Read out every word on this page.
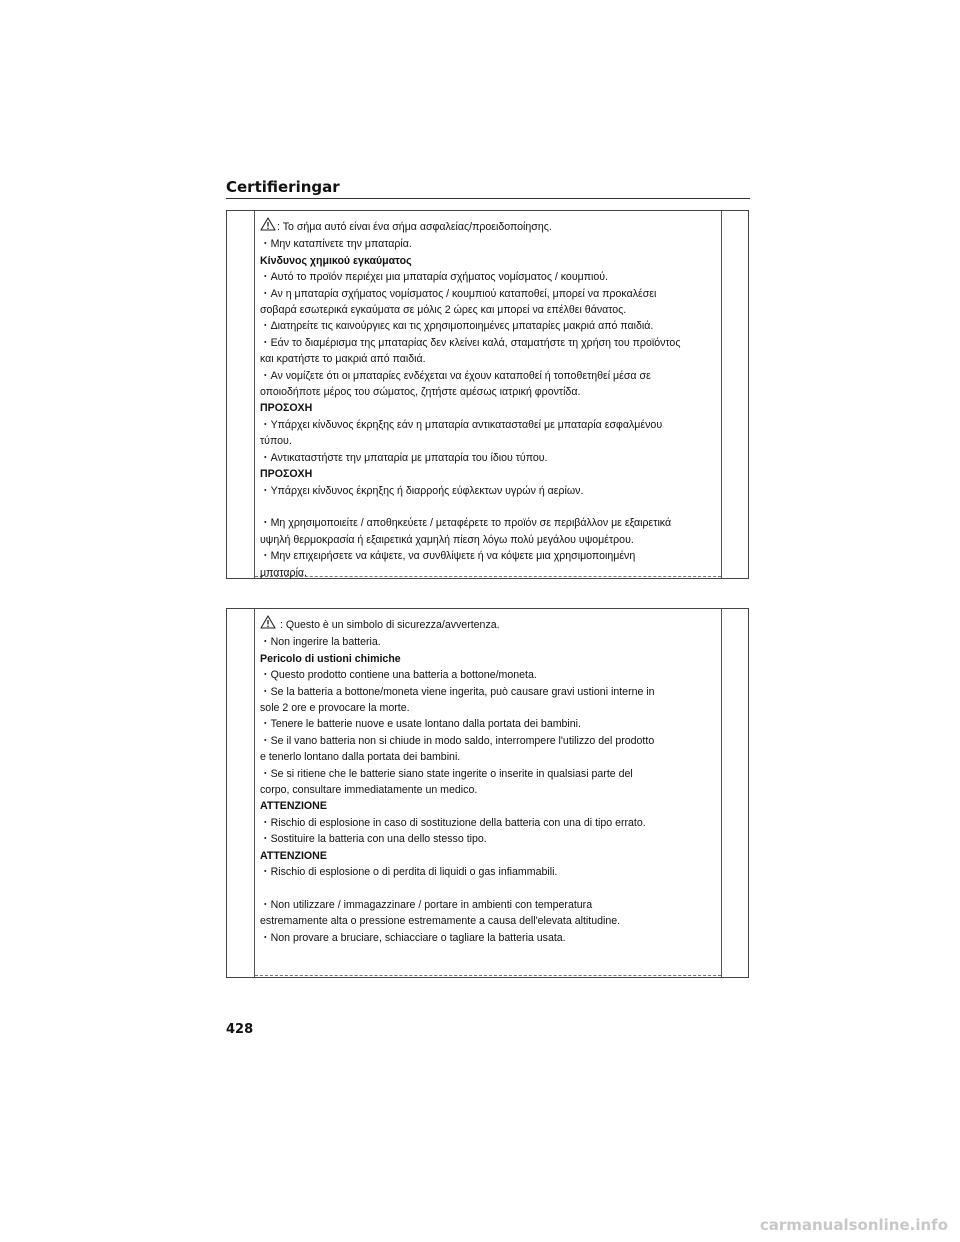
Certifieringar
: Το σήμα αυτό είναι ένα σήμα ασφαλείας/προειδοποίησης.
・Μην καταπίνετε την μπαταρία.
Κίνδυνος χημικού εγκαύματος
・Αυτό το προϊόν περιέχει μια μπαταρία σχήματος νομίσματος / κουμπιού.
・Αν η μπαταρία σχήματος νομίσματος / κουμπιού καταποθεί, μπορεί να προκαλέσει
σοβαρά εσωτερικά εγκαύματα σε μόλις 2 ώρες και μπορεί να επέλθει θάνατος.
・Διατηρείτε τις καινούργιες και τις χρησιμοποιημένες μπαταρίες μακριά από παιδιά.
・Εάν το διαμέρισμα της μπαταρίας δεν κλείνει καλά, σταματήστε τη χρήση του προϊόντος
και κρατήστε το μακριά από παιδιά.
・Αν νομίζετε ότι οι μπαταρίες ενδέχεται να έχουν καταποθεί ή τοποθετηθεί μέσα σε
οποιοδήποτε μέρος του σώματος, ζητήστε αμέσως ιατρική φροντίδα.
ΠΡΟΣΟΧΗ
・Υπάρχει κίνδυνος έκρηξης εάν η μπαταρία αντικατασταθεί με μπαταρία εσφαλμένου
τύπου.
・Αντικαταστήστε την μπαταρία με μπαταρία του ίδιου τύπου.
ΠΡΟΣΟΧΗ
・Υπάρχει κίνδυνος έκρηξης ή διαρροής εύφλεκτων υγρών ή αερίων.
・Μη χρησιμοποιείτε / αποθηκεύετε / μεταφέρετε το προϊόν σε περιβάλλον με εξαιρετικά
υψηλή θερμοκρασία ή εξαιρετικά χαμηλή πίεση λόγω πολύ μεγάλου υψομέτρου.
・Μην επιχειρήσετε να κάψετε, να συνθλίψετε ή να κόψετε μια χρησιμοποιημένη
μπαταρία.
: Questo è un simbolo di sicurezza/avvertenza.
・Non ingerire la batteria.
Pericolo di ustioni chimiche
・Questo prodotto contiene una batteria a bottone/moneta.
・Se la batteria a bottone/moneta viene ingerita, può causare gravi ustioni interne in
sole 2 ore e provocare la morte.
・Tenere le batterie nuove e usate lontano dalla portata dei bambini.
・Se il vano batteria non si chiude in modo saldo, interrompere l'utilizzo del prodotto
e tenerlo lontano dalla portata dei bambini.
・Se si ritiene che le batterie siano state ingerite o inserite in qualsiasi parte del
corpo, consultare immediatamente un medico.
ATTENZIONE
・Rischio di esplosione in caso di sostituzione della batteria con una di tipo errato.
・Sostituire la batteria con una dello stesso tipo.
ATTENZIONE
・Rischio di esplosione o di perdita di liquidi o gas infiammabili.
・Non utilizzare / immagazzinare / portare in ambienti con temperatura
estremamente alta o pressione estremamente a causa dell'elevata altitudine.
・Non provare a bruciare, schiacciare o tagliare la batteria usata.
428
carmanualsonline.info
